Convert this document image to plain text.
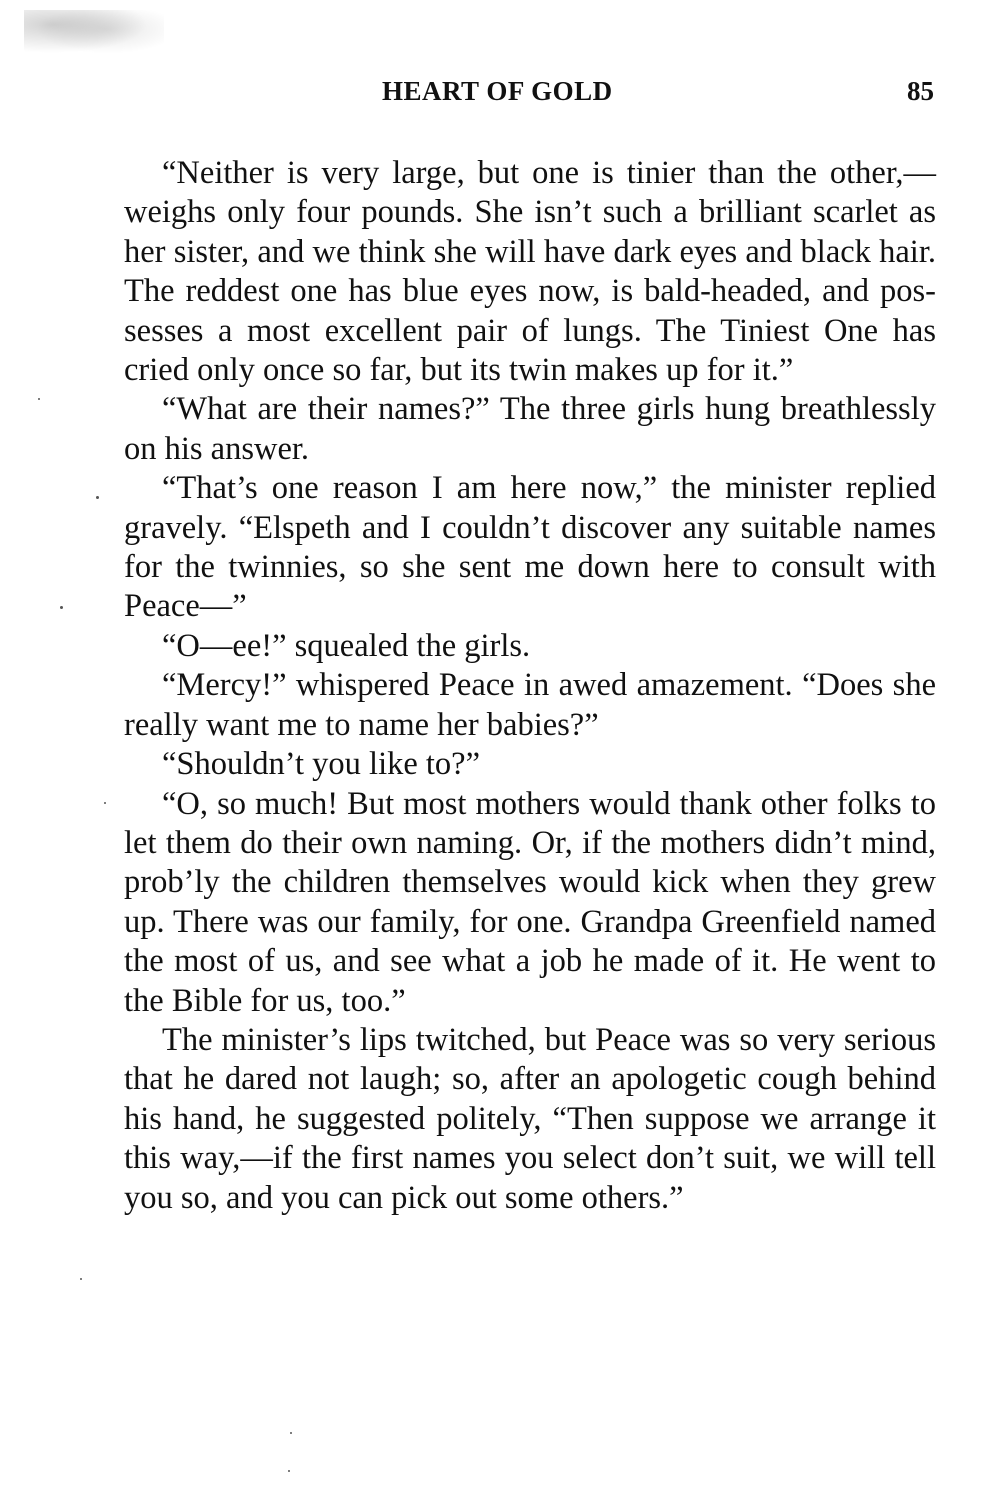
HEART OF GOLD	85

“Neither is very large, but one is tinier than the other,—weighs only four pounds. She isn’t such a brilliant scarlet as her sister, and we think she will have dark eyes and black hair. The reddest one has blue eyes now, is bald-headed, and possesses a most excellent pair of lungs. The Tiniest One has cried only once so far, but its twin makes up for it.”

“What are their names?” The three girls hung breathlessly on his answer.

“That’s one reason I am here now,” the minister replied gravely. “Elspeth and I couldn’t discover any suitable names for the twinnies, so she sent me down here to consult with Peace—”

“O—ee!” squealed the girls.

“Mercy!” whispered Peace in awed amazement. “Does she really want me to name her babies?”

“Shouldn’t you like to?”

“O, so much! But most mothers would thank other folks to let them do their own naming. Or, if the mothers didn’t mind, prob’ly the children themselves would kick when they grew up. There was our family, for one. Grandpa Greenfield named the most of us, and see what a job he made of it. He went to the Bible for us, too.”

The minister’s lips twitched, but Peace was so very serious that he dared not laugh; so, after an apologetic cough behind his hand, he suggested politely, “Then suppose we arrange it this way,—if the first names you select don’t suit, we will tell you so, and you can pick out some others.”
